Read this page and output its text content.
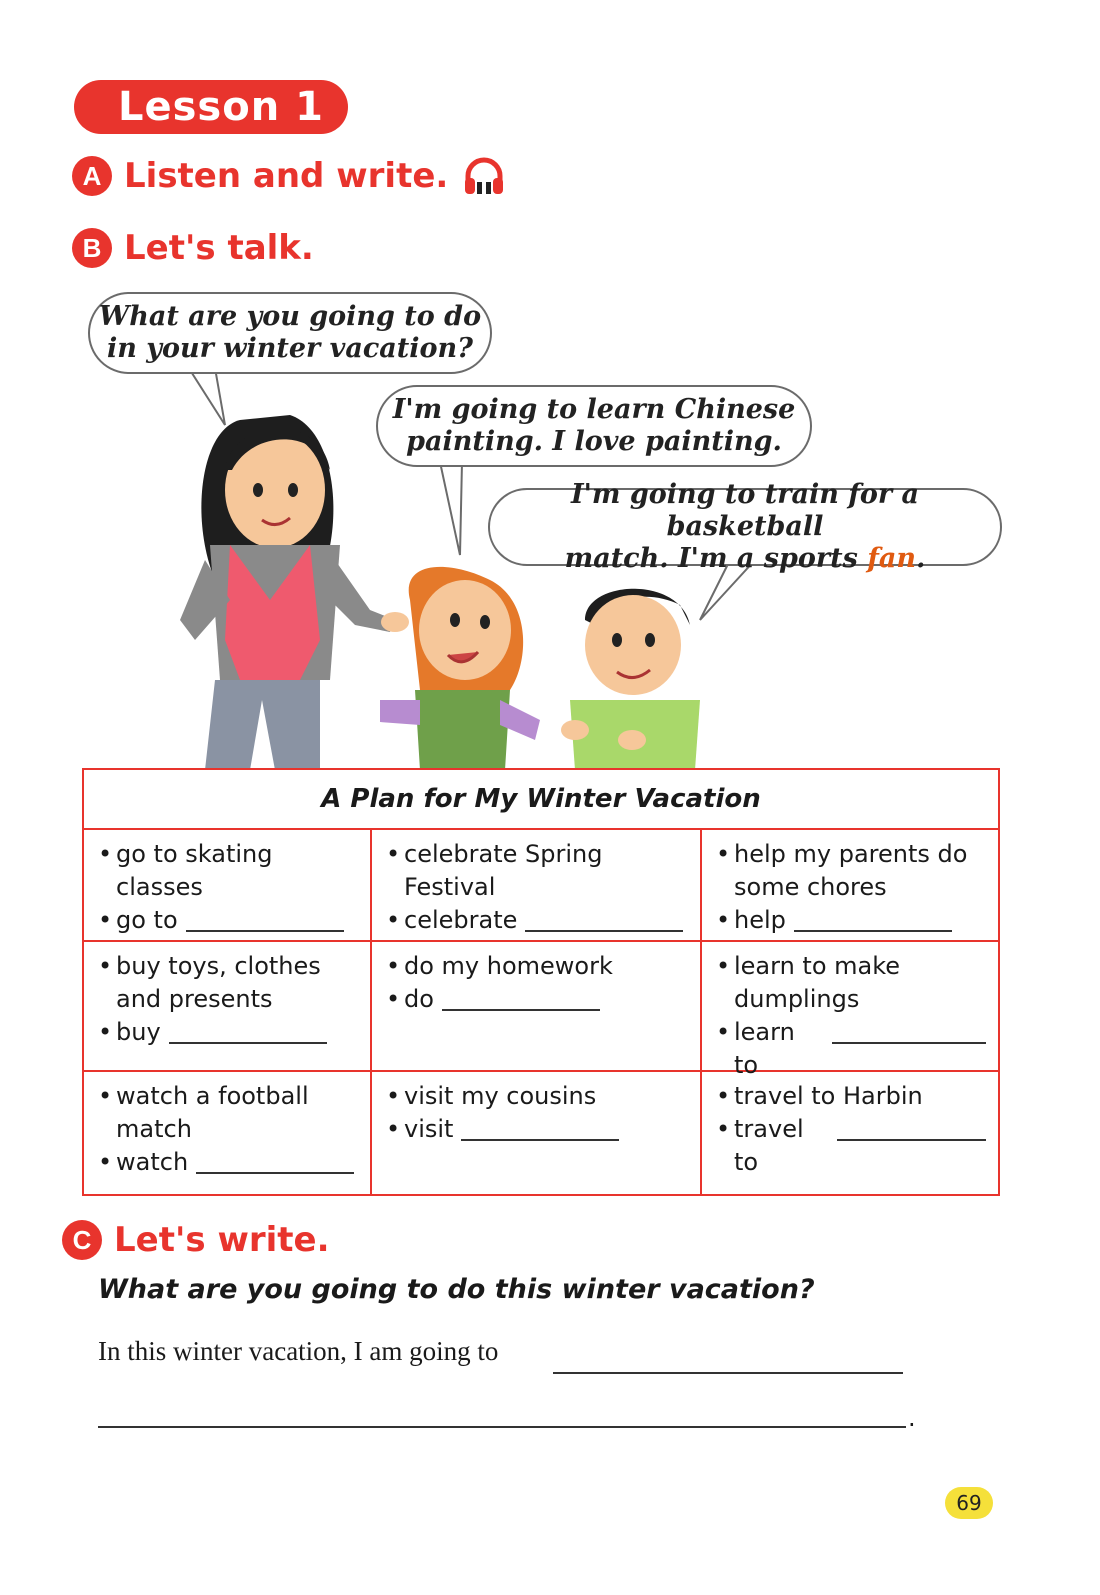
Lesson 1
A Listen and write.
B Let's talk.
What are you going to do
in your winter vacation?
I'm going to learn Chinese
painting. I love painting.
I'm going to train for a basketball
match. I'm a sports fan.
A Plan for My Winter Vacation
• go to skating
classes
• go to
• celebrate Spring
Festival
• celebrate
• help my parents do
some chores
• help
• buy toys, clothes
and presents
• buy
• do my homework
• do
• learn to make
dumplings
• learn to
• watch a football
match
• watch
• visit my cousins
• visit
• travel to Harbin
• travel to
C Let's write.
What are you going to do this winter vacation?
In this winter vacation, I am going to
.
69
